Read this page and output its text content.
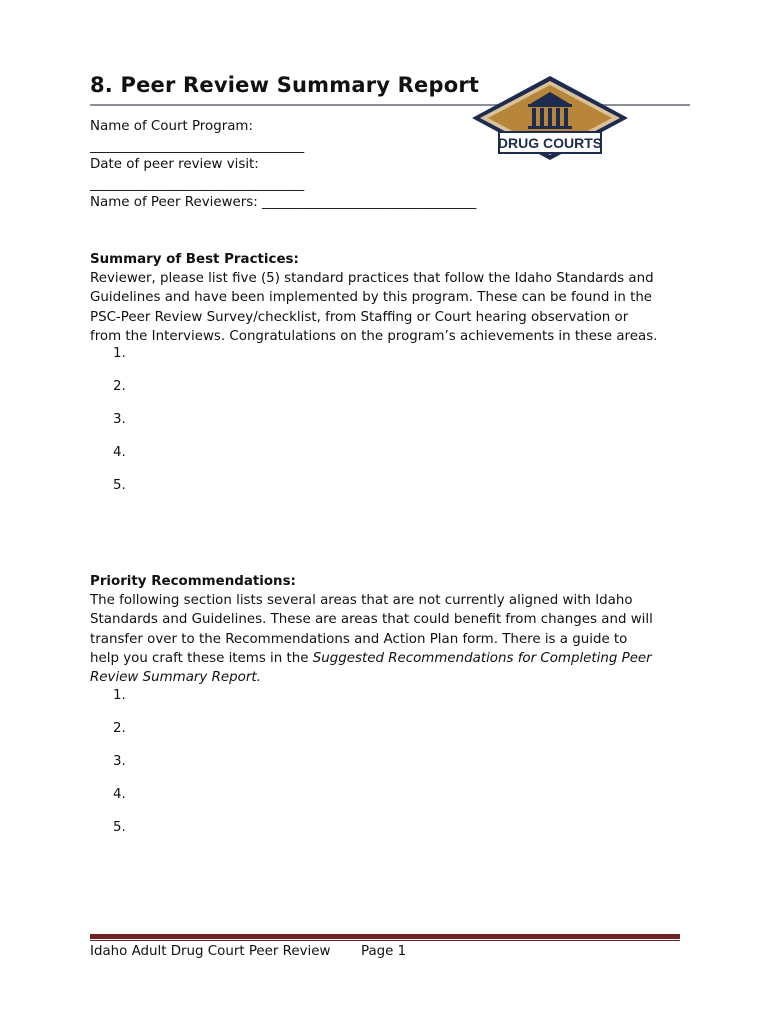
8. Peer Review Summary Report
DRUG COURTS
Name of Court Program:
________________________________
Date of peer review visit:
________________________________
Name of Peer Reviewers: ________________________________
Summary of Best Practices:
Reviewer, please list five (5) standard practices that follow the Idaho Standards and
Guidelines and have been implemented by this program. These can be found in the
PSC-Peer Review Survey/checklist, from Staffing or Court hearing observation or
from the Interviews. Congratulations on the program’s achievements in these areas.
1.
2.
3.
4.
5.
Priority Recommendations:
The following section lists several areas that are not currently aligned with Idaho
Standards and Guidelines. These are areas that could benefit from changes and will
transfer over to the Recommendations and Action Plan form. There is a guide to
help you craft these items in the Suggested Recommendations for Completing Peer
Review Summary Report.
1.
2.
3.
4.
5.
Idaho Adult Drug Court Peer Review Page 1
